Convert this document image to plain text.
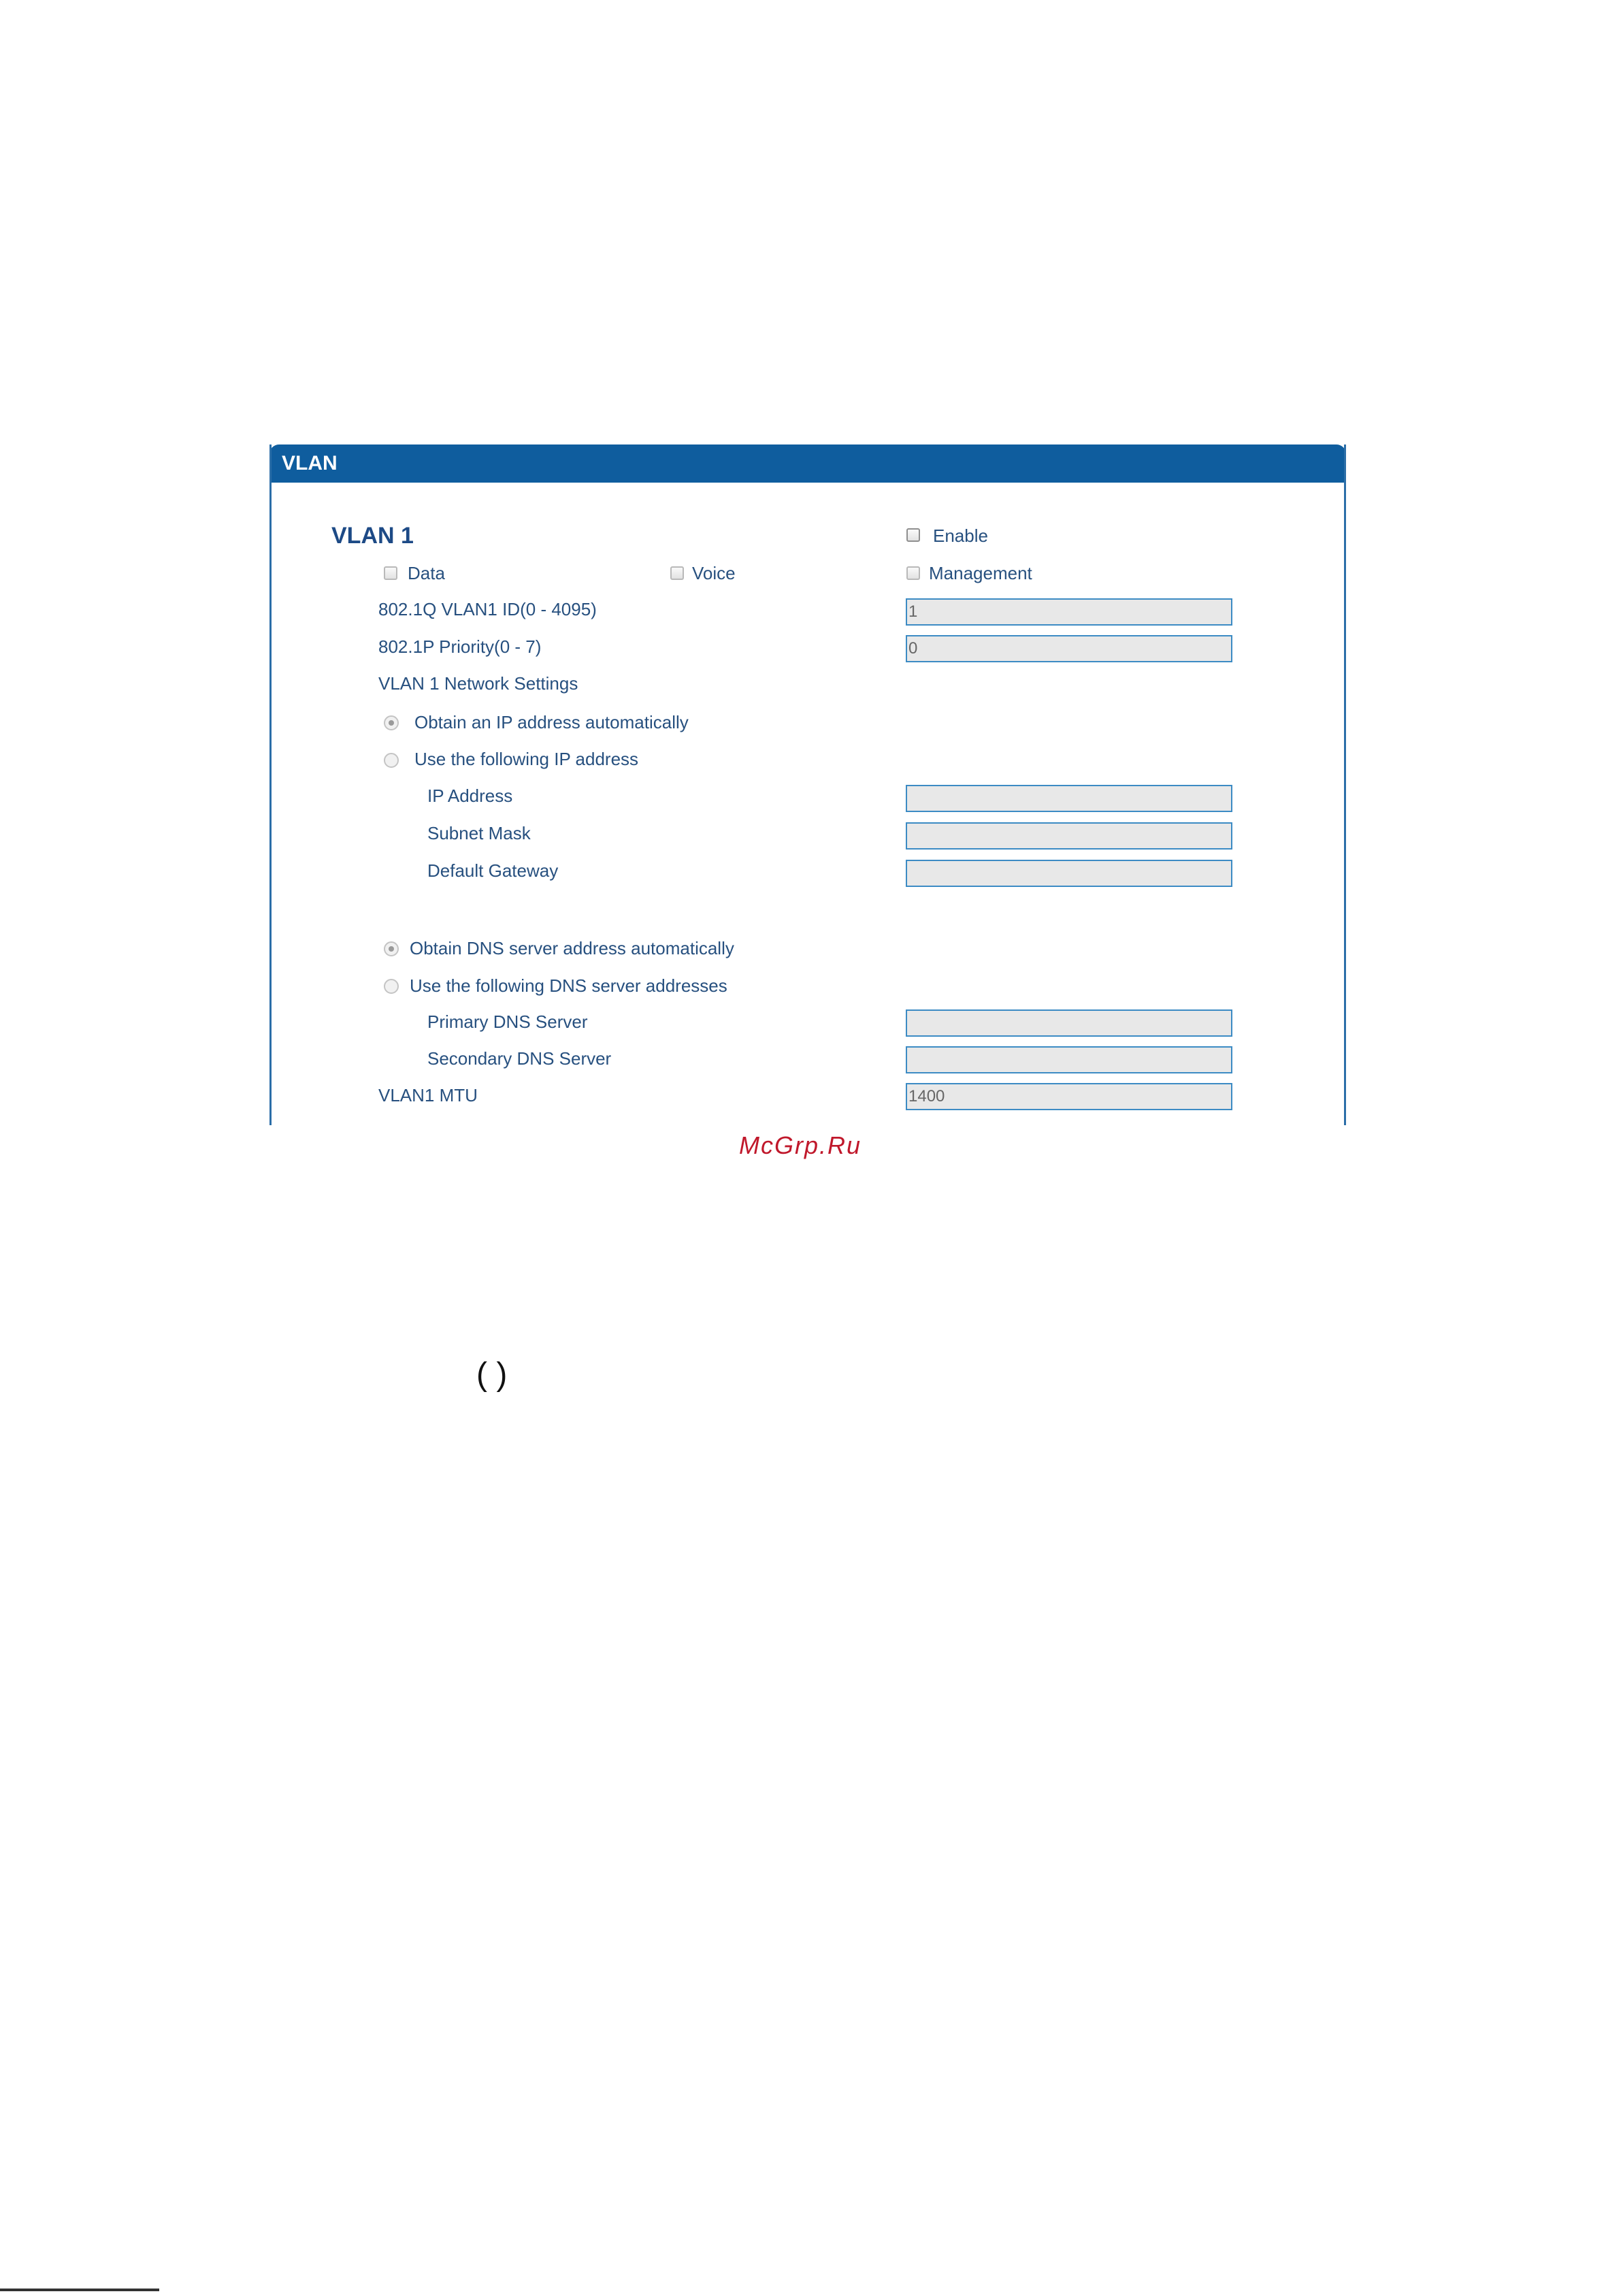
VLAN
VLAN 1	Enable
Data	Voice	Management
802.1Q VLAN1 ID(0 - 4095)	1
802.1P Priority(0 - 7)	0
VLAN 1 Network Settings
Obtain an IP address automatically
Use the following IP address
IP Address
Subnet Mask
Default Gateway
Obtain DNS server address automatically
Use the following DNS server addresses
Primary DNS Server
Secondary DNS Server
VLAN1 MTU	1400
McGrp.Ru
( )
